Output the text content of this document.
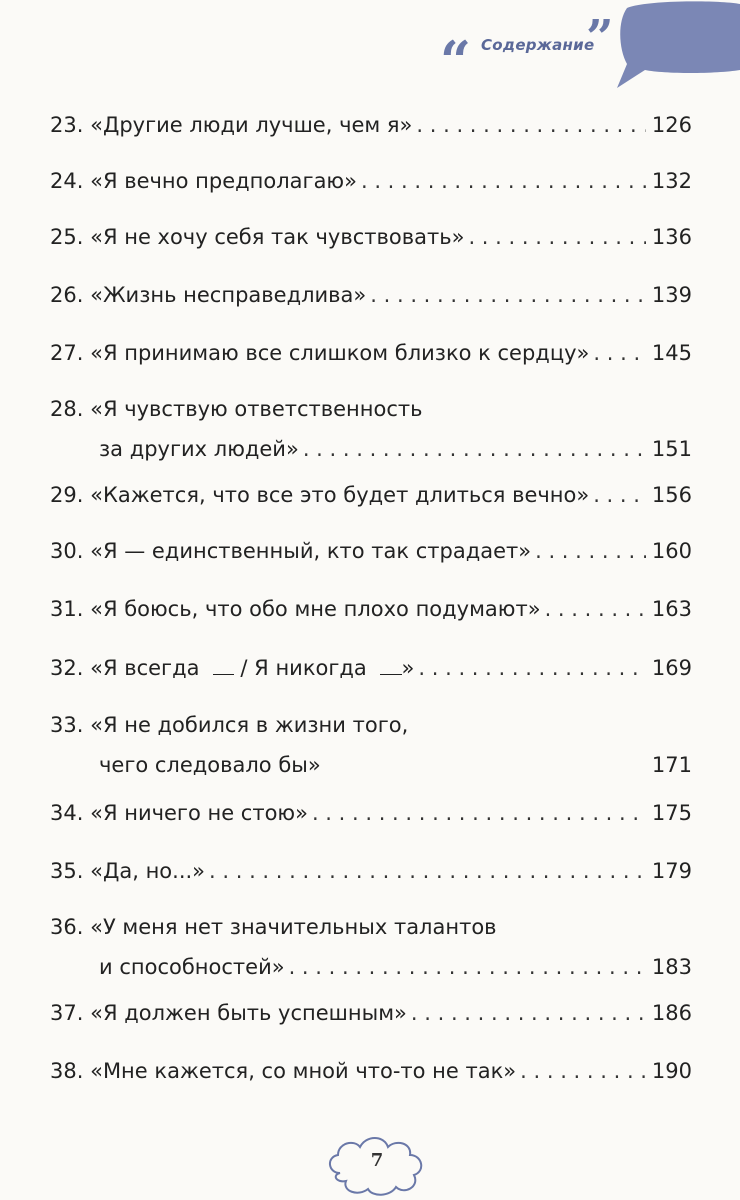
“ Содержание
”
23.
«Другие люди лучше, чем я» . . .	126
24.
«Я вечно предполагаю» . . .	132
25.
«Я не хочу себя так чувствовать» . . .	136
26.
«Жизнь несправедлива» . . .	139
27.
«Я принимаю все слишком близко к сердцу» . . .	145
28.
«Я чувствую ответственность
за других людей» . . .	151
29.
«Кажется, что все это будет длиться вечно» . . .	156
30.
«Я — единственный, кто так страдает» . . .	160
31.
«Я боюсь, что обо мне плохо подумают» . . .	163
32.
«Я всегда

/ Я никогда
» . . .	169
33.
«Я не добился в жизни того,
чего следовало бы»	171
34.
«Я ничего не стою» . . .	175
35.
«Да, но...» . . .	179
36.
«У меня нет значительных талантов
и способностей» . . .	183
37.
«Я должен быть успешным» . . .	186
38.
«Мне кажется, со мной что-то не так» . . .	190
7
